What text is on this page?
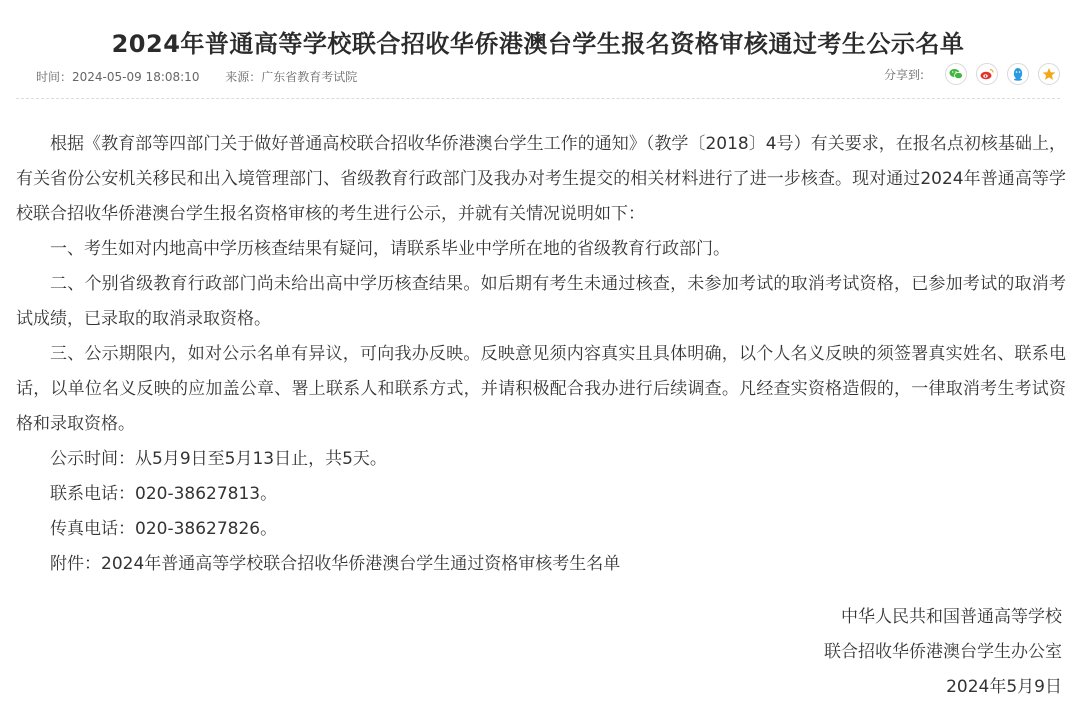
2024年普通高等学校联合招收华侨港澳台学生报名资格审核通过考生公示名单
时间：2024-05-09 18:08:10 来源：广东省教育考试院	分享到:

根据《教育部等四部门关于做好普通高校联合招收华侨港澳台学生工作的通知》（教学〔2018〕4号）有关要求，在报名点初核基础上，有关省份公安机关移民和出入境管理部门、省级教育行政部门及我办对考生提交的相关材料进行了进一步核查。现对通过2024年普通高等学校联合招收华侨港澳台学生报名资格审核的考生进行公示，并就有关情况说明如下：

一、考生如对内地高中学历核查结果有疑问，请联系毕业中学所在地的省级教育行政部门。

二、个别省级教育行政部门尚未给出高中学历核查结果。如后期有考生未通过核查，未参加考试的取消考试资格，已参加考试的取消考试成绩，已录取的取消录取资格。

三、公示期限内，如对公示名单有异议，可向我办反映。反映意见须内容真实且具体明确，以个人名义反映的须签署真实姓名、联系电话，以单位名义反映的应加盖公章、署上联系人和联系方式，并请积极配合我办进行后续调查。凡经查实资格造假的，一律取消考生考试资格和录取资格。

公示时间：从5月9日至5月13日止，共5天。

联系电话：020-38627813。

传真电话：020-38627826。

附件：2024年普通高等学校联合招收华侨港澳台学生通过资格审核考生名单

中华人民共和国普通高等学校
联合招收华侨港澳台学生办公室
2024年5月9日
